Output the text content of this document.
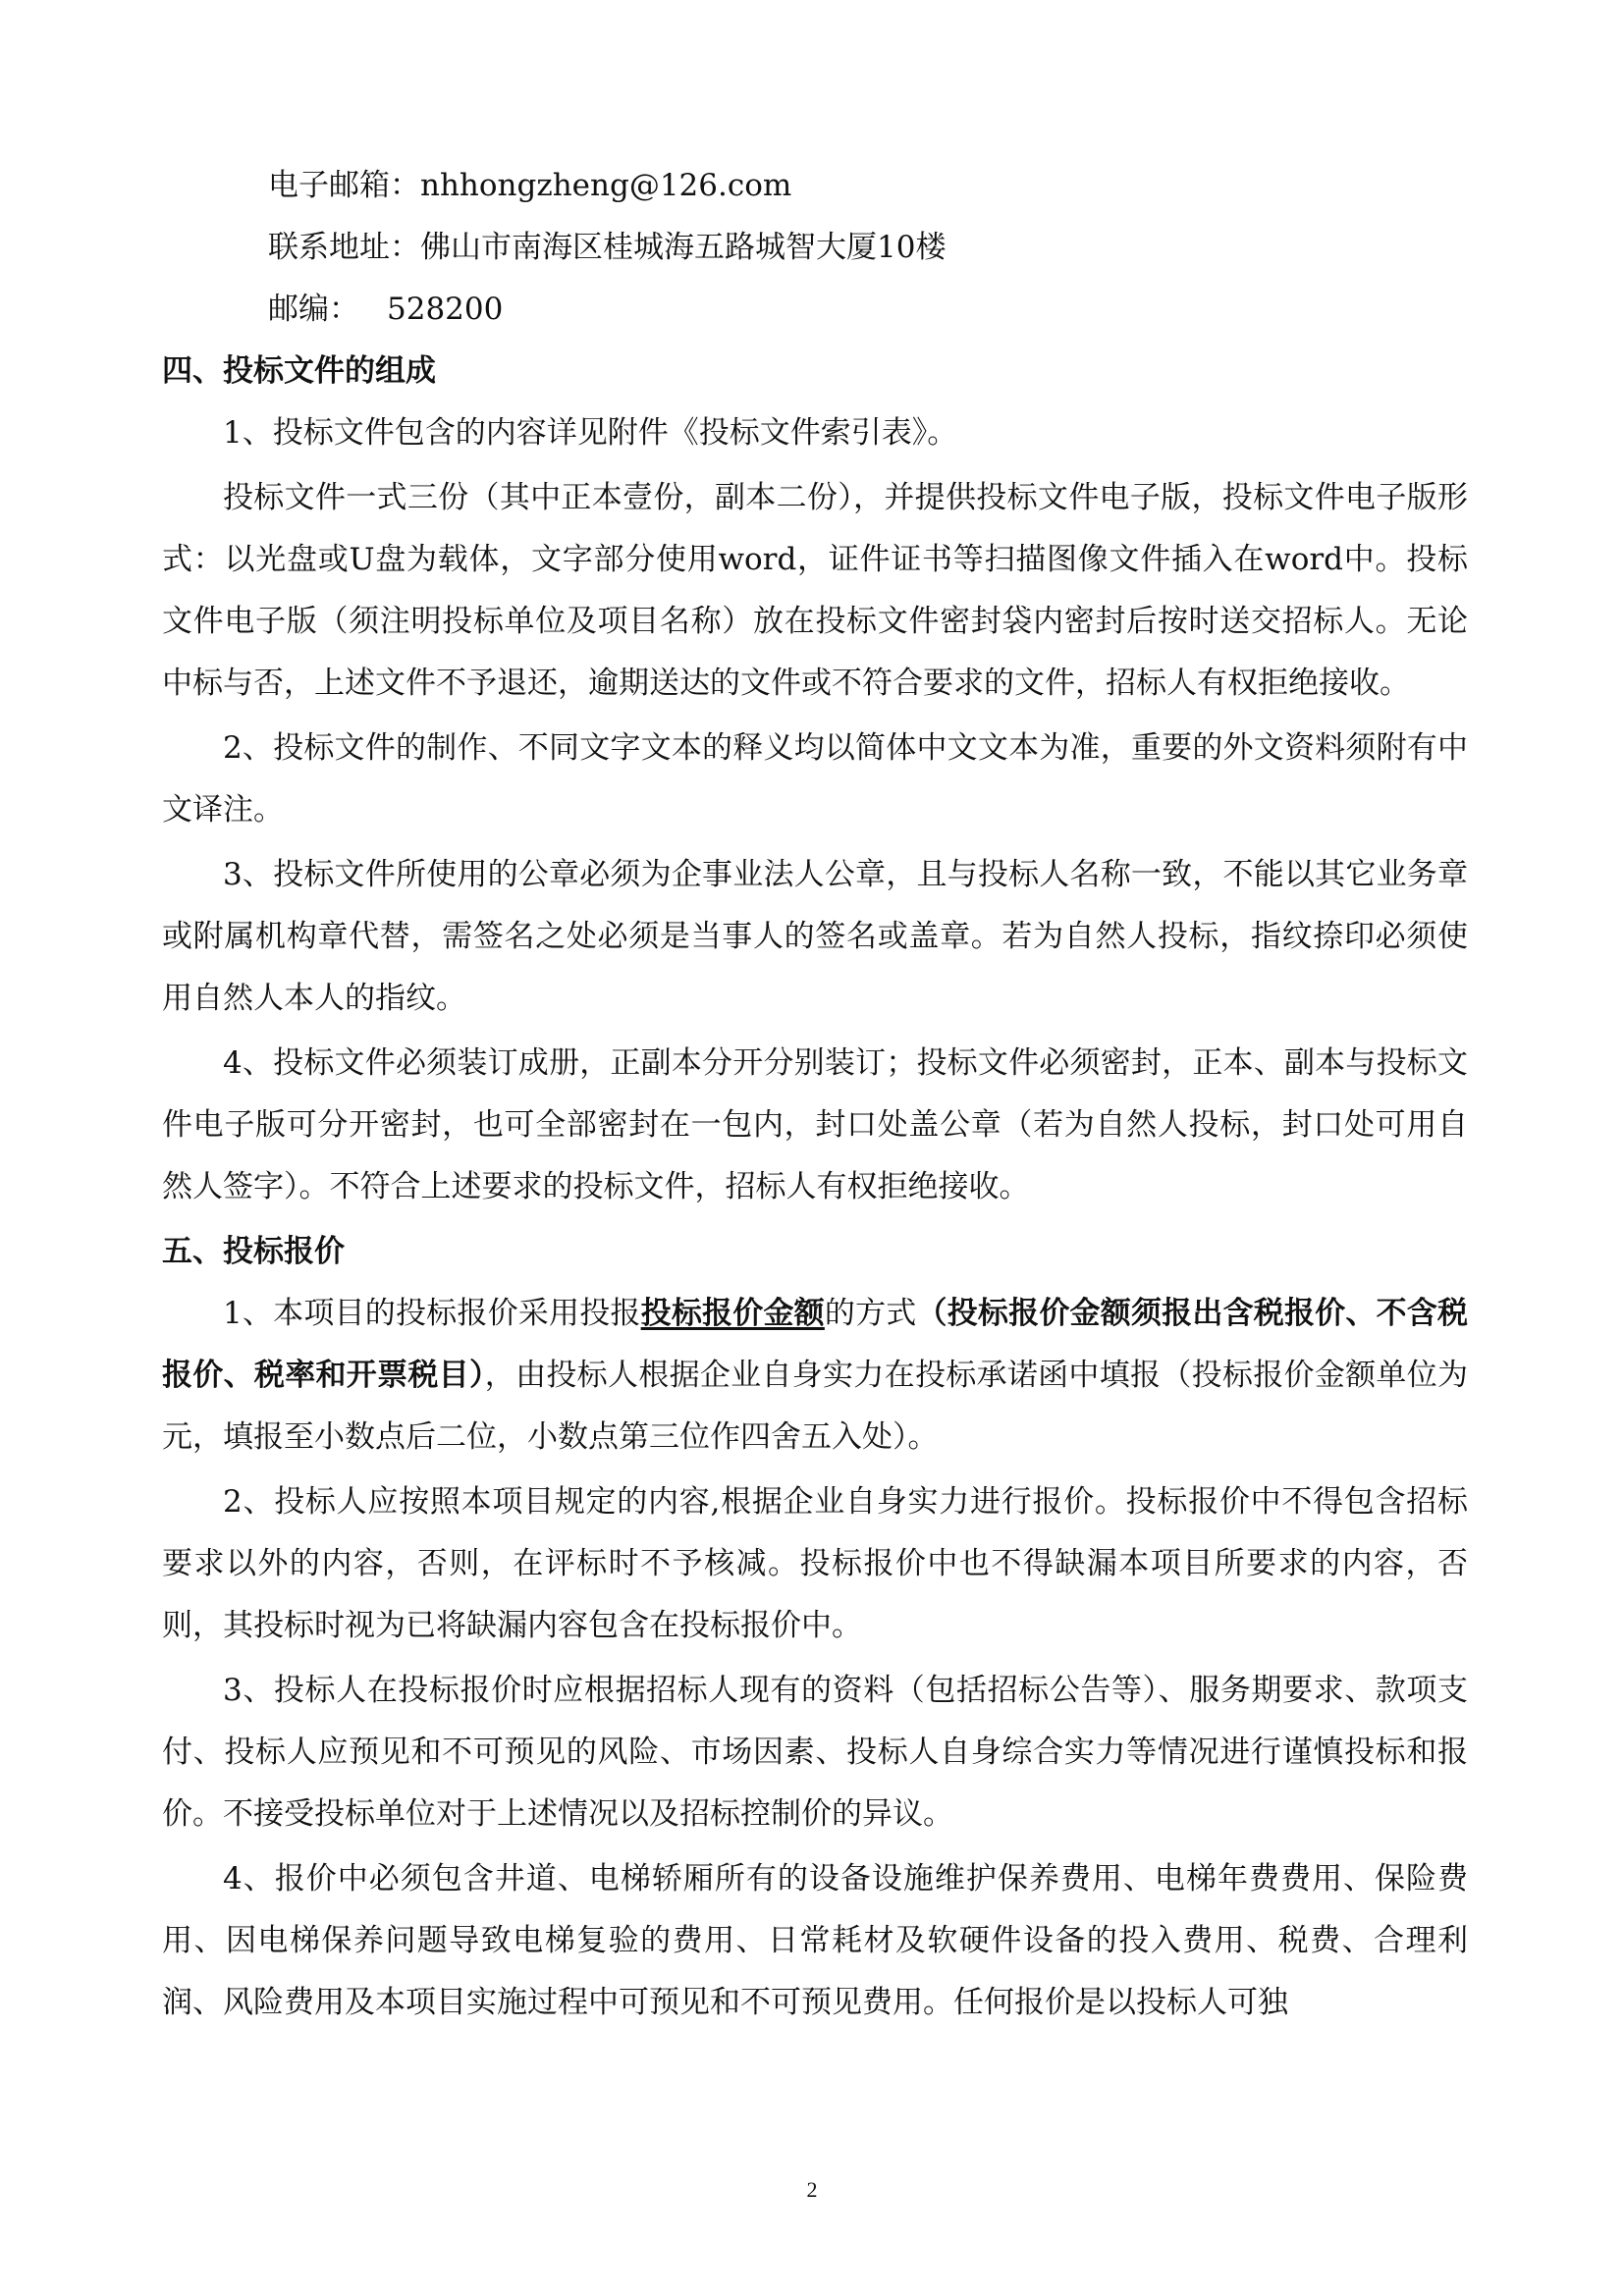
电子邮箱：nhhongzheng@126.com
联系地址：佛山市南海区桂城海五路城智大厦10楼
邮编： 528200
四、投标文件的组成

1、投标文件包含的内容详见附件《投标文件索引表》。

投标文件一式三份（其中正本壹份，副本二份），并提供投标文件电子版，投标文件电子版形式：以光盘或U盘为载体，文字部分使用word，证件证书等扫描图像文件插入在word中。投标文件电子版（须注明投标单位及项目名称）放在投标文件密封袋内密封后按时送交招标人。无论中标与否，上述文件不予退还，逾期送达的文件或不符合要求的文件，招标人有权拒绝接收。

2、投标文件的制作、不同文字文本的释义均以简体中文文本为准，重要的外文资料须附有中文译注。

3、投标文件所使用的公章必须为企事业法人公章，且与投标人名称一致，不能以其它业务章或附属机构章代替，需签名之处必须是当事人的签名或盖章。若为自然人投标，指纹捺印必须使用自然人本人的指纹。

4、投标文件必须装订成册，正副本分开分别装订；投标文件必须密封，正本、副本与投标文件电子版可分开密封，也可全部密封在一包内，封口处盖公章（若为自然人投标，封口处可用自然人签字）。不符合上述要求的投标文件，招标人有权拒绝接收。

五、投标报价

1、本项目的投标报价采用投报投标报价金额的方式（投标报价金额须报出含税报价、不含税报价、税率和开票税目），由投标人根据企业自身实力在投标承诺函中填报（投标报价金额单位为元，填报至小数点后二位，小数点第三位作四舍五入处）。

2、投标人应按照本项目规定的内容,根据企业自身实力进行报价。投标报价中不得包含招标要求以外的内容，否则，在评标时不予核减。投标报价中也不得缺漏本项目所要求的内容，否则，其投标时视为已将缺漏内容包含在投标报价中。

3、投标人在投标报价时应根据招标人现有的资料（包括招标公告等）、服务期要求、款项支付、投标人应预见和不可预见的风险、市场因素、投标人自身综合实力等情况进行谨慎投标和报价。不接受投标单位对于上述情况以及招标控制价的异议。

4、报价中必须包含井道、电梯轿厢所有的设备设施维护保养费用、电梯年费费用、保险费用、因电梯保养问题导致电梯复验的费用、日常耗材及软硬件设备的投入费用、税费、合理利润、风险费用及本项目实施过程中可预见和不可预见费用。任何报价是以投标人可独

2
